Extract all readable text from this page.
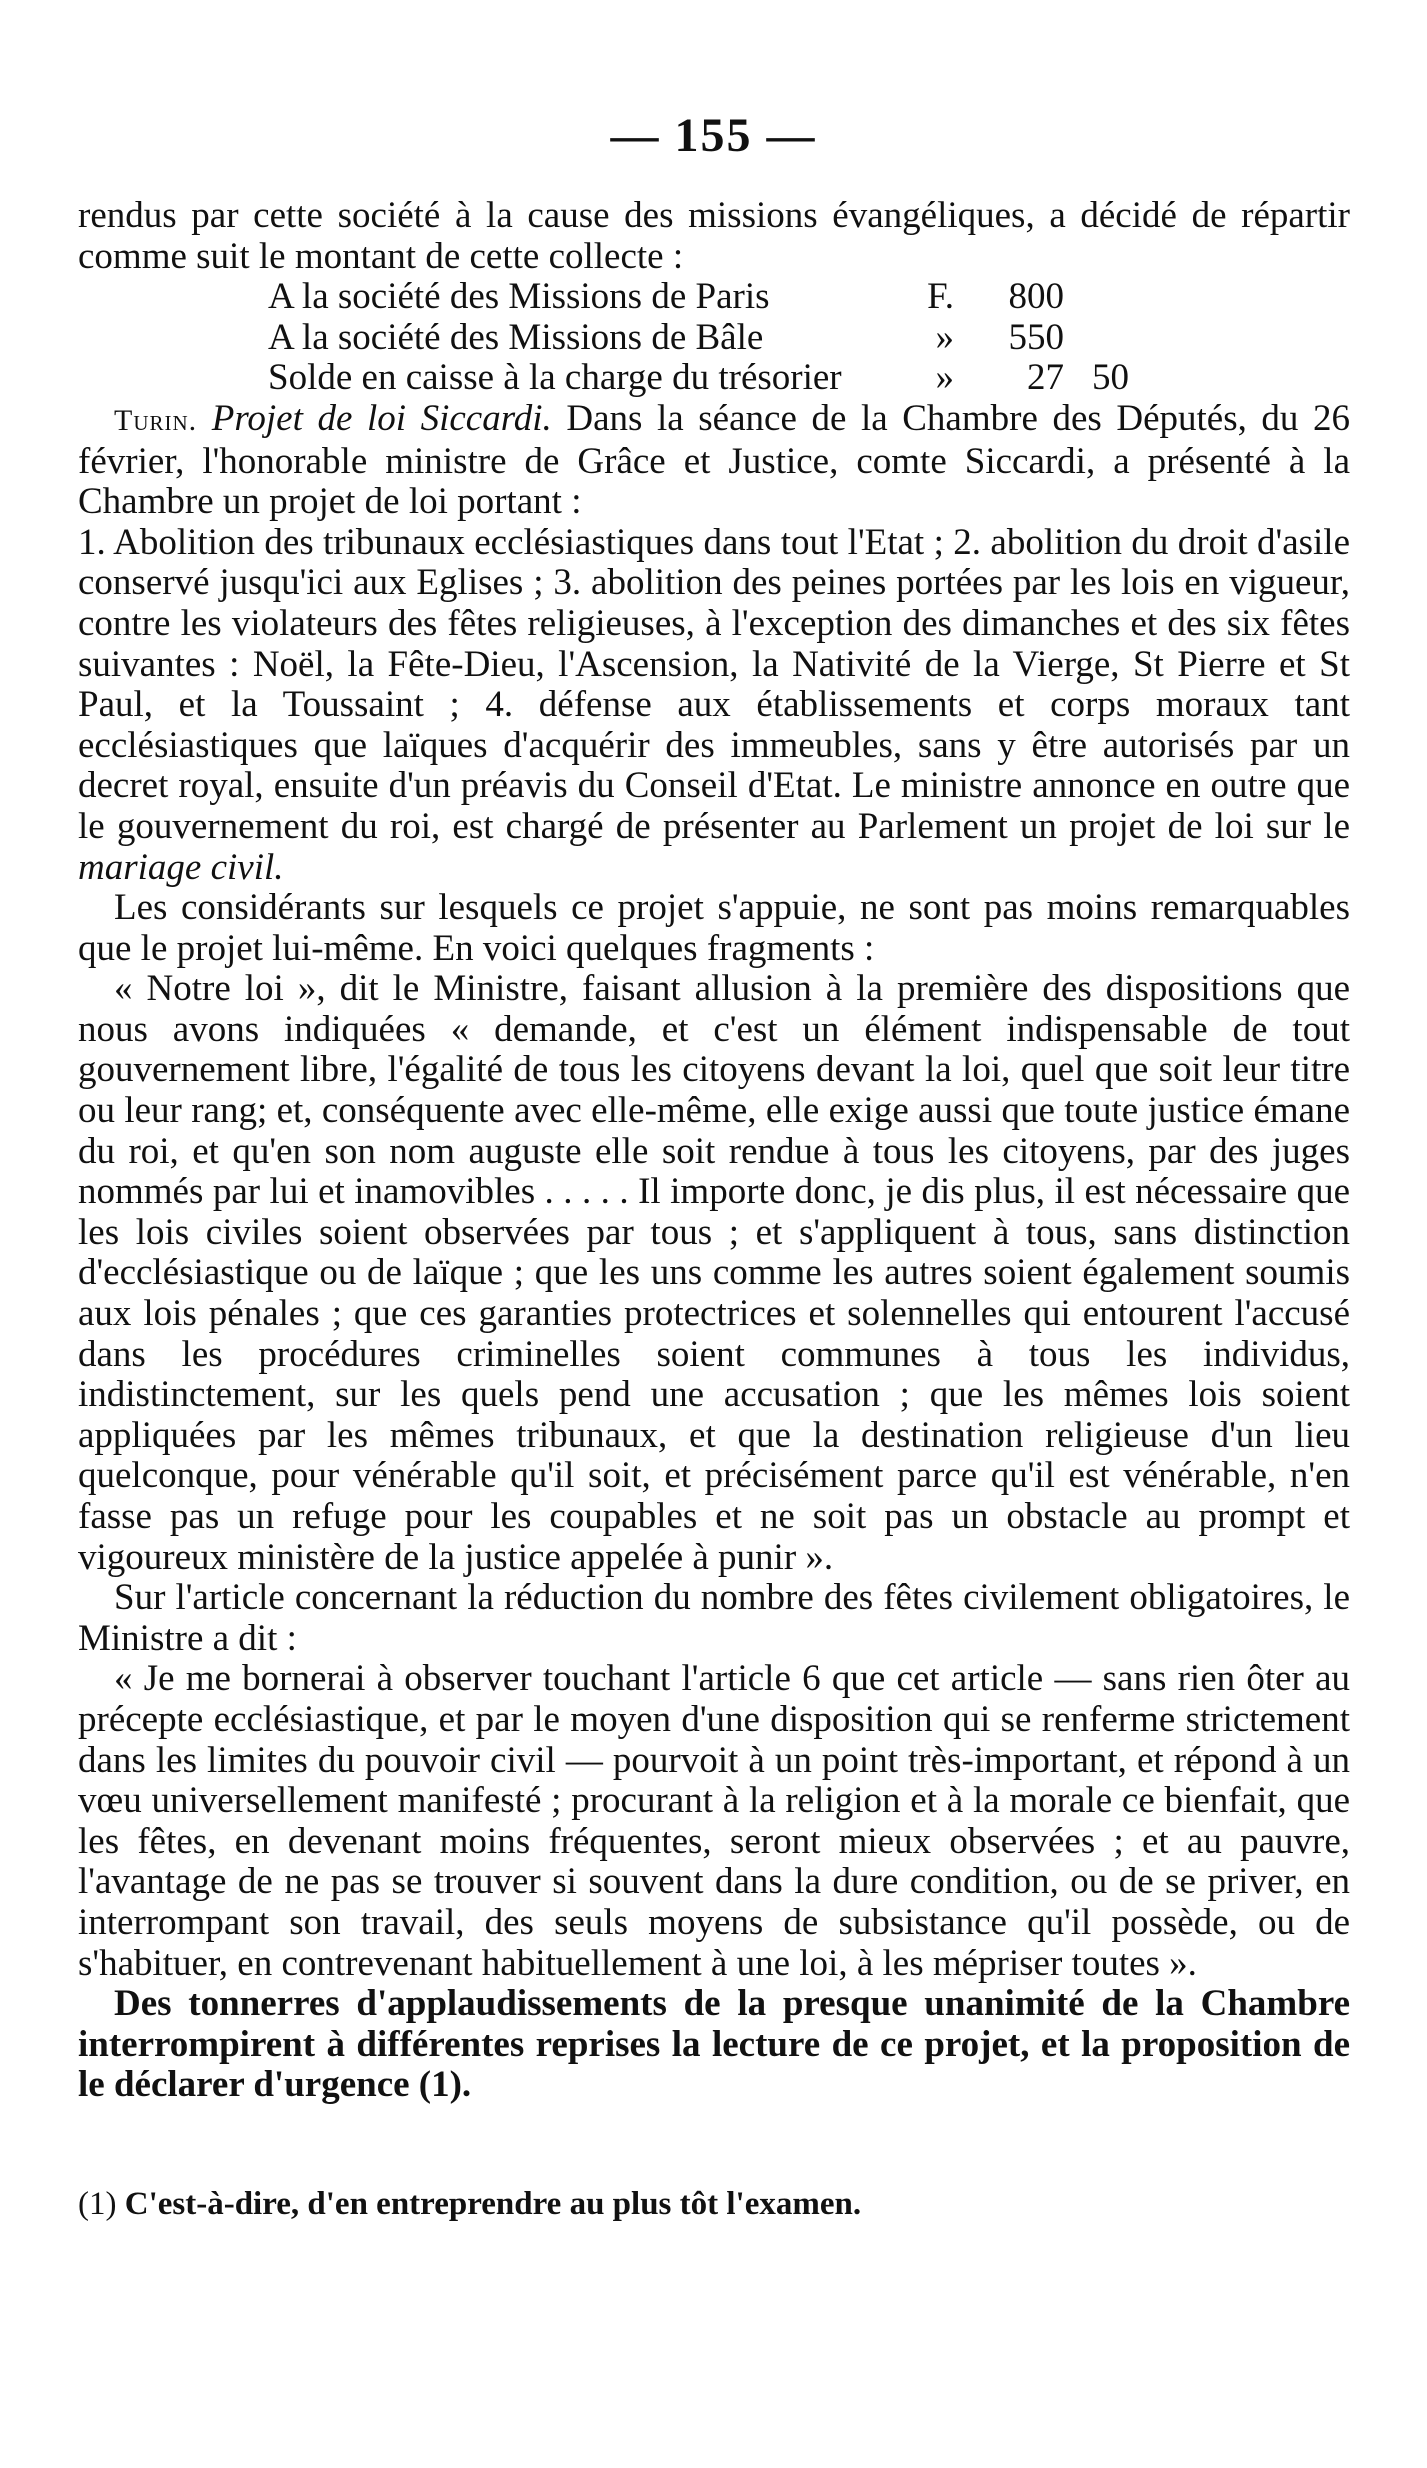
— 155 —

rendus par cette société à la cause des missions évangéliques, a décidé de répartir comme suit le montant de cette collecte :

A la société des Missions de Paris	F.	800
A la société des Missions de Bâle	»	550
Solde en caisse à la charge du trésorier	»	27 50

Turin. Projet de loi Siccardi. Dans la séance de la Chambre des Députés, du 26 février, l'honorable ministre de Grâce et Justice, comte Siccardi, a présenté à la Chambre un projet de loi portant :

1. Abolition des tribunaux ecclésiastiques dans tout l'Etat ; 2. abolition du droit d'asile conservé jusqu'ici aux Eglises ; 3. abolition des peines portées par les lois en vigueur, contre les violateurs des fêtes religieuses, à l'exception des dimanches et des six fêtes suivantes : Noël, la Fête-Dieu, l'Ascension, la Nativité de la Vierge, St Pierre et St Paul, et la Toussaint ; 4. défense aux établissements et corps moraux tant ecclésiastiques que laïques d'acquérir des immeubles, sans y être autorisés par un decret royal, ensuite d'un préavis du Conseil d'Etat. Le ministre annonce en outre que le gouvernement du roi, est chargé de présenter au Parlement un projet de loi sur le mariage civil.

Les considérants sur lesquels ce projet s'appuie, ne sont pas moins remarquables que le projet lui-même. En voici quelques fragments :

« Notre loi », dit le Ministre, faisant allusion à la première des dispositions que nous avons indiquées « demande, et c'est un élément indispensable de tout gouvernement libre, l'égalité de tous les citoyens devant la loi, quel que soit leur titre ou leur rang; et, conséquente avec elle-même, elle exige aussi que toute justice émane du roi, et qu'en son nom auguste elle soit rendue à tous les citoyens, par des juges nommés par lui et inamovibles . . . . . Il importe donc, je dis plus, il est nécessaire que les lois civiles soient observées par tous ; et s'appliquent à tous, sans distinction d'ecclésiastique ou de laïque ; que les uns comme les autres soient également soumis aux lois pénales ; que ces garanties protectrices et solennelles qui entourent l'accusé dans les procédures criminelles soient communes à tous les individus, indistinctement, sur les quels pend une accusation ; que les mêmes lois soient appliquées par les mêmes tribunaux, et que la destination religieuse d'un lieu quelconque, pour vénérable qu'il soit, et précisément parce qu'il est vénérable, n'en fasse pas un refuge pour les coupables et ne soit pas un obstacle au prompt et vigoureux ministère de la justice appelée à punir ».

Sur l'article concernant la réduction du nombre des fêtes civilement obligatoires, le Ministre a dit :

« Je me bornerai à observer touchant l'article 6 que cet article — sans rien ôter au précepte ecclésiastique, et par le moyen d'une disposition qui se renferme strictement dans les limites du pouvoir civil — pourvoit à un point très-important, et répond à un vœu universellement manifesté ; procurant à la religion et à la morale ce bienfait, que les fêtes, en devenant moins fréquentes, seront mieux observées ; et au pauvre, l'avantage de ne pas se trouver si souvent dans la dure condition, ou de se priver, en interrompant son travail, des seuls moyens de subsistance qu'il possède, ou de s'habituer, en contrevenant habituellement à une loi, à les mépriser toutes ».

Des tonnerres d'applaudissements de la presque unanimité de la Chambre interrompirent à différentes reprises la lecture de ce projet, et la proposition de le déclarer d'urgence (1).

(1) C'est-à-dire, d'en entreprendre au plus tôt l'examen.
